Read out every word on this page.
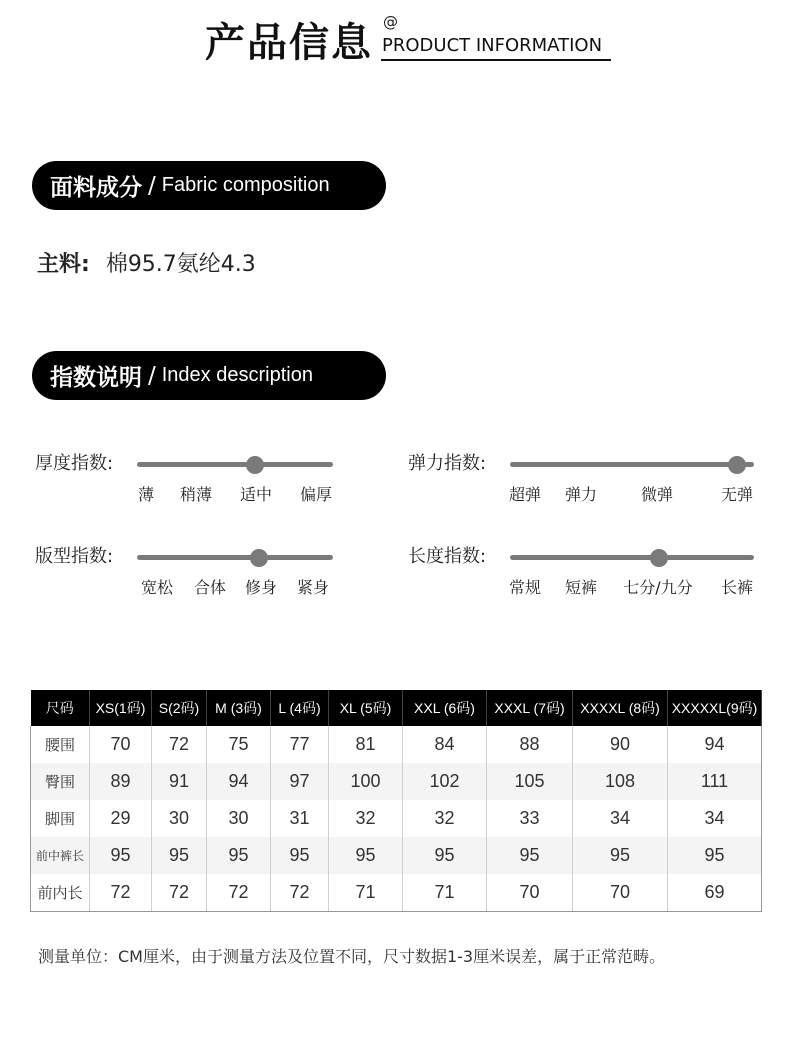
产品信息 @
PRODUCT INFORMATION
面料成分 / Fabric composition
主料: 棉95.7氨纶4.3
指数说明 / Index description
厚度指数:
薄 稍薄 适中 偏厚
弹力指数:
超弹 弹力	微弹	无弹
版型指数:
宽松 合体 修身 紧身
长度指数:
常规 短裤 七分/九分 长裤
尺码	XS(1码)	S(2码)	M (3码)	L (4码)	XL (5码)	XXL (6码)	XXXL (7码)	XXXXL (8码)	XXXXXL(9码)
腰围	70	72	75	77	81	84	88	90	94
臀围	89	91	94	97	100	102	105	108	111
脚围	29	30	30	31	32	32	33	34	34
前中裤长	95	95	95	95	95	95	95	95	95
前内长	72	72	72	72	71	71	70	70	69
测量单位：CM厘米，由于测量方法及位置不同，尺寸数据1-3厘米误差，属于正常范畴。
